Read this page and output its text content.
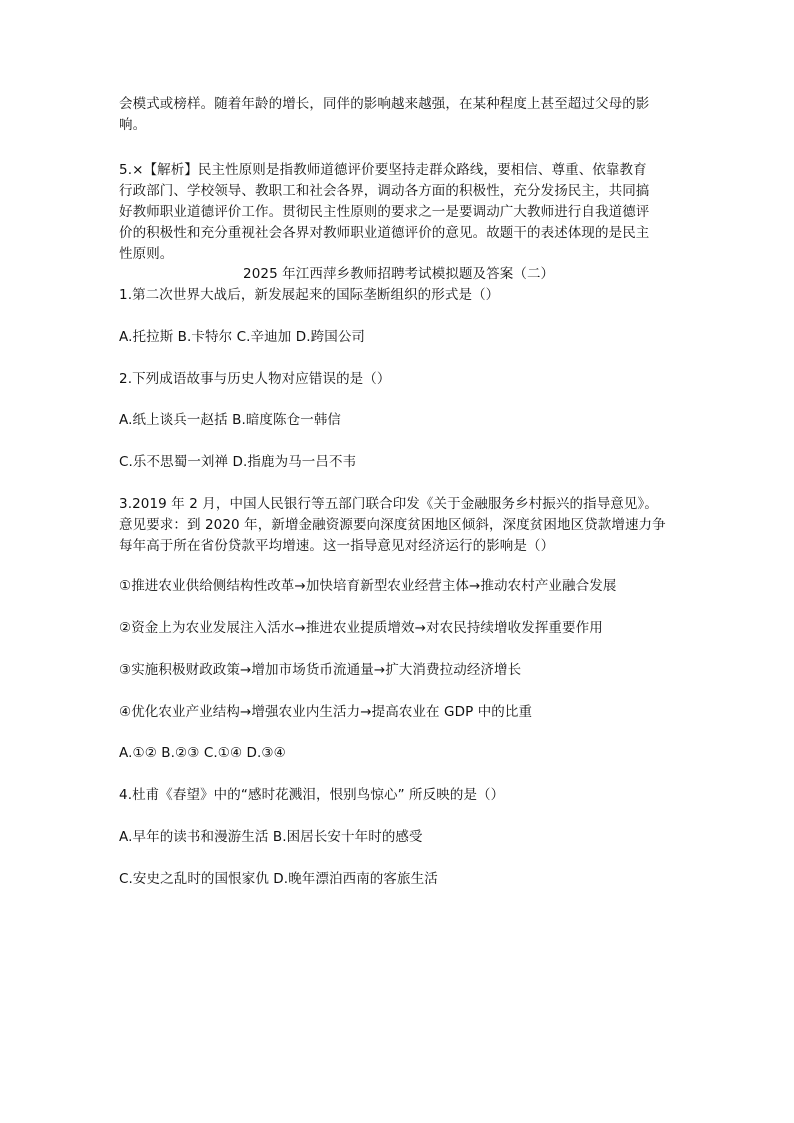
会模式或榜样。随着年龄的增长，同伴的影响越来越强，在某种程度上甚至超过父母的影
响。
5.×【解析】民主性原则是指教师道德评价要坚持走群众路线，要相信、尊重、依靠教育
行政部门、学校领导、教职工和社会各界，调动各方面的积极性，充分发扬民主，共同搞
好教师职业道德评价工作。贯彻民主性原则的要求之一是要调动广大教师进行自我道德评
价的积极性和充分重视社会各界对教师职业道德评价的意见。故题干的表述体现的是民主
性原则。
2025 年江西萍乡教师招聘考试模拟题及答案（二）
1.第二次世界大战后，新发展起来的国际垄断组织的形式是（）
A.托拉斯 B.卡特尔 C.辛迪加 D.跨国公司
2.下列成语故事与历史人物对应错误的是（）
A.纸上谈兵一赵括 B.暗度陈仓一韩信
C.乐不思蜀一刘禅 D.指鹿为马一吕不韦
3.2019 年 2 月，中国人民银行等五部门联合印发《关于金融服务乡村振兴的指导意见》。
意见要求：到 2020 年，新增金融资源要向深度贫困地区倾斜，深度贫困地区贷款增速力争
每年高于所在省份贷款平均增速。这一指导意见对经济运行的影响是（）
①推进农业供给侧结构性改革→加快培育新型农业经营主体→推动农村产业融合发展
②资金上为农业发展注入活水→推进农业提质增效→对农民持续增收发挥重要作用
③实施积极财政政策→增加市场货币流通量→扩大消费拉动经济增长
④优化农业产业结构→增强农业内生活力→提高农业在 GDP 中的比重
A.①② B.②③ C.①④ D.③④
4.杜甫《春望》中的“感时花溅泪，恨别鸟惊心” 所反映的是（）
A.早年的读书和漫游生活 B.困居长安十年时的感受
C.安史之乱时的国恨家仇 D.晚年漂泊西南的客旅生活
